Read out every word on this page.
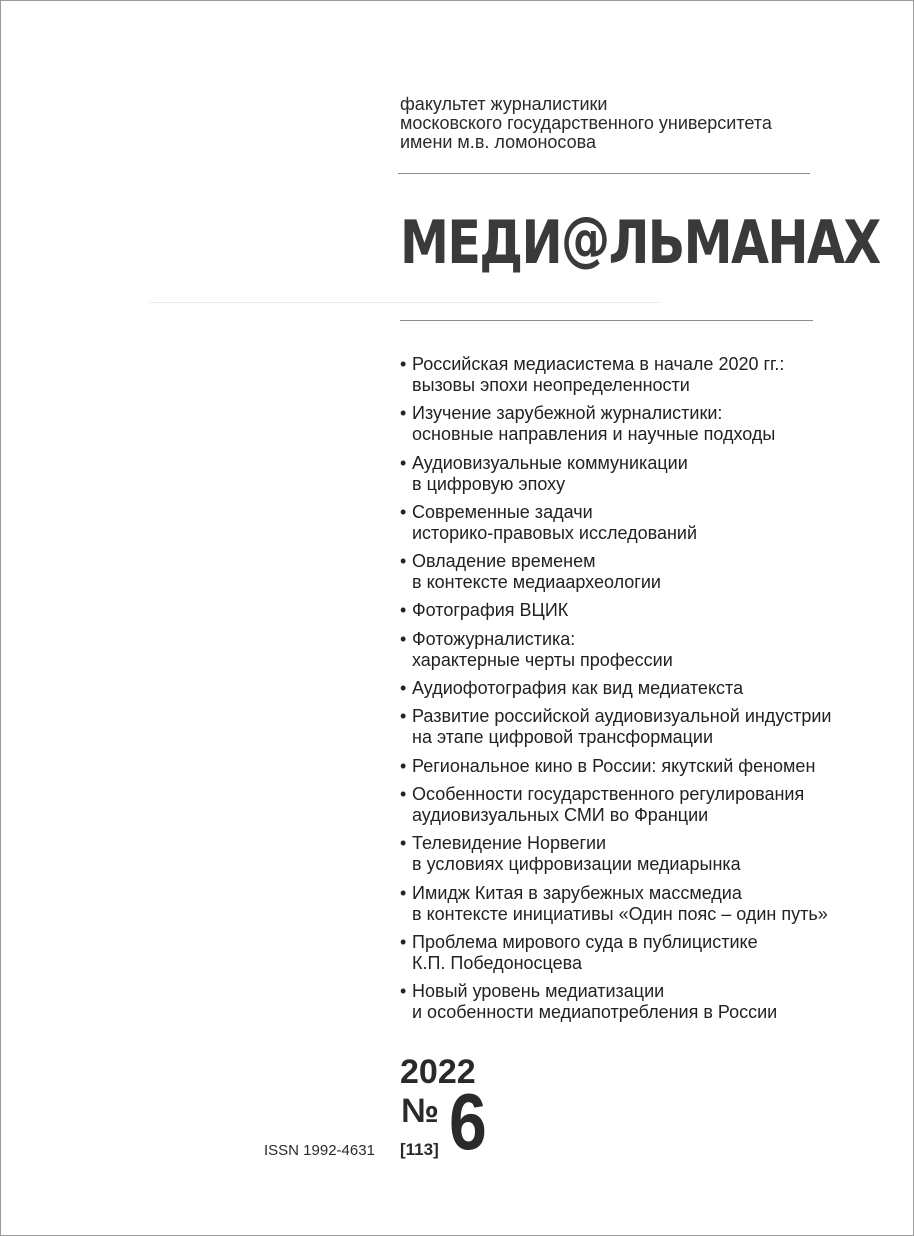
факультет журналистики
московского государственного университета
имени м.в. ломоносова
МЕДИ@ЛЬМАНАХ
• Российская медиасистема в начале 2020 гг.:
вызовы эпохи неопределенности
• Изучение зарубежной журналистики:
основные направления и научные подходы
• Аудиовизуальные коммуникации
в цифровую эпоху
• Современные задачи
историко-правовых исследований
• Овладение временем
в контексте медиаархеологии
• Фотография ВЦИК
• Фотожурналистика:
характерные черты профессии
• Аудиофотография как вид медиатекста
• Развитие российской аудиовизуальной индустрии
на этапе цифровой трансформации
• Региональное кино в России: якутский феномен
• Особенности государственного регулирования
аудиовизуальных СМИ во Франции
• Телевидение Норвегии
в условиях цифровизации медиарынка
• Имидж Китая в зарубежных массмедиа
в контексте инициативы «Один пояс – один путь»
• Проблема мирового суда в публицистике
К.П. Победоносцева
• Новый уровень медиатизации
и особенности медиапотребления в России
2022
№ 6
[113]
ISSN 1992-4631
